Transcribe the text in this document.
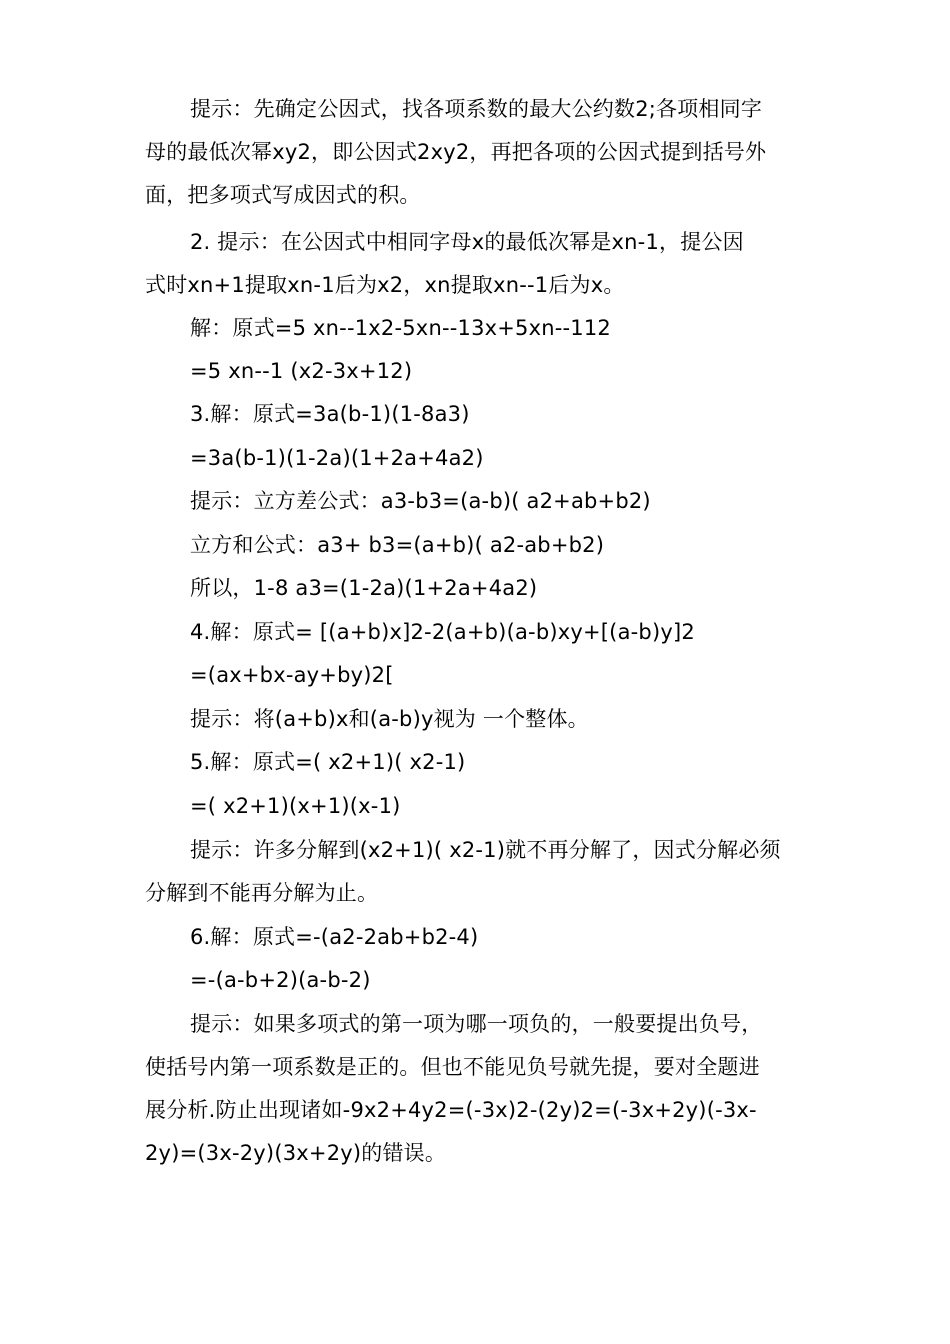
提示：先确定公因式，找各项系数的最大公约数2;各项相同字
母的最低次幂xy2，即公因式2xy2，再把各项的公因式提到括号外
面，把多项式写成因式的积。
2. 提示：在公因式中相同字母x的最低次幂是xn-1，提公因
式时xn+1提取xn-1后为x2，xn提取xn--1后为x。
解：原式=5 xn--1x2-5xn--13x+5xn--112
=5 xn--1 (x2-3x+12)
3.解：原式=3a(b-1)(1-8a3)
=3a(b-1)(1-2a)(1+2a+4a2)
提示：立方差公式：a3-b3=(a-b)( a2+ab+b2)
立方和公式：a3+ b3=(a+b)( a2-ab+b2)
所以，1-8 a3=(1-2a)(1+2a+4a2)
4.解：原式= [(a+b)x]2-2(a+b)(a-b)xy+[(a-b)y]2
=(ax+bx-ay+by)2[
提示：将(a+b)x和(a-b)y视为 一个整体。
5.解：原式=( x2+1)( x2-1)
=( x2+1)(x+1)(x-1)
提示：许多分解到(x2+1)( x2-1)就不再分解了，因式分解必须
分解到不能再分解为止。
6.解：原式=-(a2-2ab+b2-4)
=-(a-b+2)(a-b-2)
提示：如果多项式的第一项为哪一项负的，一般要提出负号，
使括号内第一项系数是正的。但也不能见负号就先提，要对全题进
展分析.防止出现诸如-9x2+4y2=(-3x)2-(2y)2=(-3x+2y)(-3x-
2y)=(3x-2y)(3x+2y)的错误。
